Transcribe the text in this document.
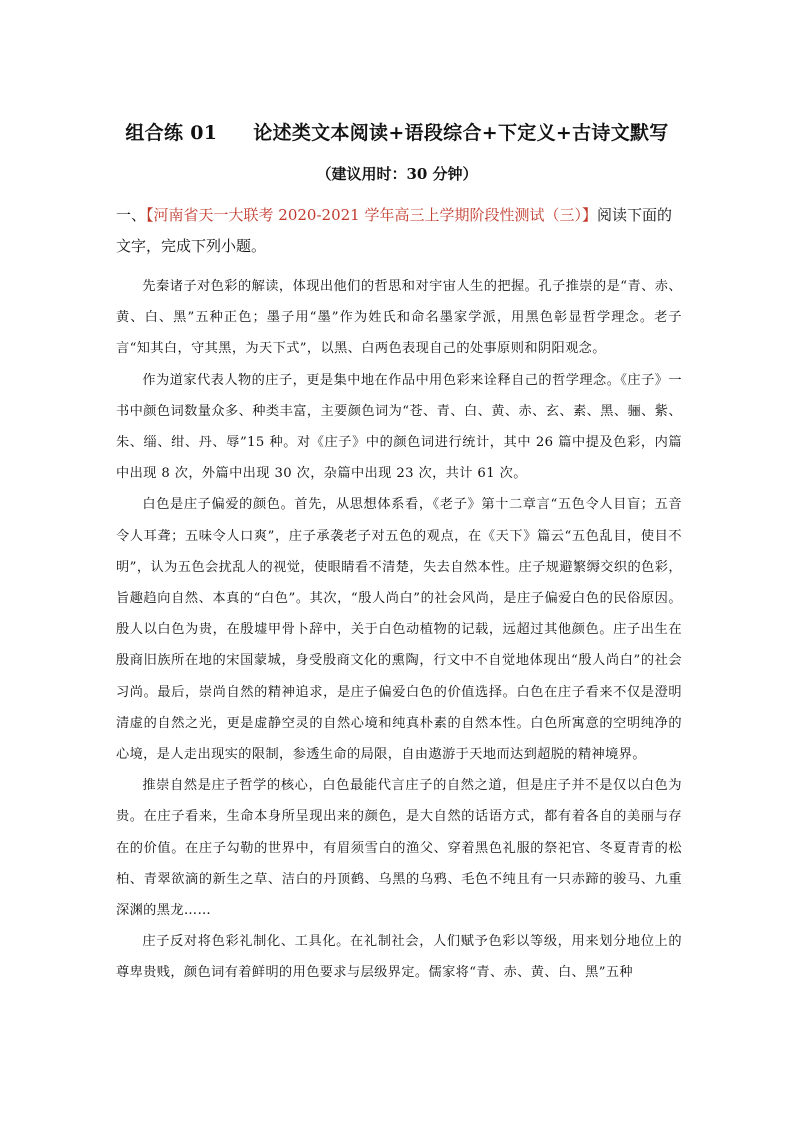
组合练 01 论述类文本阅读+语段综合+下定义+古诗文默写
（建议用时：30 分钟）
一、【河南省天一大联考 2020-2021 学年高三上学期阶段性测试（三）】阅读下面的文字，完成下列小题。

先秦诸子对色彩的解读，体现出他们的哲思和对宇宙人生的把握。孔子推崇的是“青、赤、黄、白、黑”五种正色；墨子用“墨”作为姓氏和命名墨家学派，用黑色彰显哲学理念。老子言“知其白，守其黑，为天下式”，以黑、白两色表现自己的处事原则和阴阳观念。

作为道家代表人物的庄子，更是集中地在作品中用色彩来诠释自己的哲学理念。《庄子》一书中颜色词数量众多、种类丰富，主要颜色词为“苍、青、白、黄、赤、玄、素、黑、骊、紫、朱、缁、绀、丹、辱”15 种。对《庄子》中的颜色词进行统计，其中 26 篇中提及色彩，内篇中出现 8 次，外篇中出现 30 次，杂篇中出现 23 次，共计 61 次。

白色是庄子偏爱的颜色。首先，从思想体系看，《老子》第十二章言“五色令人目盲；五音令人耳聋；五味令人口爽”，庄子承袭老子对五色的观点，在《天下》篇云“五色乱目，使目不明”，认为五色会扰乱人的视觉，使眼睛看不清楚，失去自然本性。庄子规避繁缛交织的色彩，旨趣趋向自然、本真的“白色”。其次，“殷人尚白”的社会风尚，是庄子偏爱白色的民俗原因。殷人以白色为贵，在殷墟甲骨卜辞中，关于白色动植物的记载，远超过其他颜色。庄子出生在殷商旧族所在地的宋国蒙城，身受殷商文化的熏陶，行文中不自觉地体现出“殷人尚白”的社会习尚。最后，崇尚自然的精神追求，是庄子偏爱白色的价值选择。白色在庄子看来不仅是澄明清虚的自然之光，更是虚静空灵的自然心境和纯真朴素的自然本性。白色所寓意的空明纯净的心境，是人走出现实的限制，参透生命的局限，自由遨游于天地而达到超脱的精神境界。

推崇自然是庄子哲学的核心，白色最能代言庄子的自然之道，但是庄子并不是仅以白色为贵。在庄子看来，生命本身所呈现出来的颜色，是大自然的话语方式，都有着各自的美丽与存在的价值。在庄子勾勒的世界中，有眉须雪白的渔父、穿着黑色礼服的祭祀官、冬夏青青的松柏、青翠欲滴的新生之草、洁白的丹顶鹤、乌黑的乌鸦、毛色不纯且有一只赤蹄的骏马、九重深渊的黑龙……

庄子反对将色彩礼制化、工具化。在礼制社会，人们赋予色彩以等级，用来划分地位上的尊卑贵贱，颜色词有着鲜明的用色要求与层级界定。儒家将“青、赤、黄、白、黑”五种
